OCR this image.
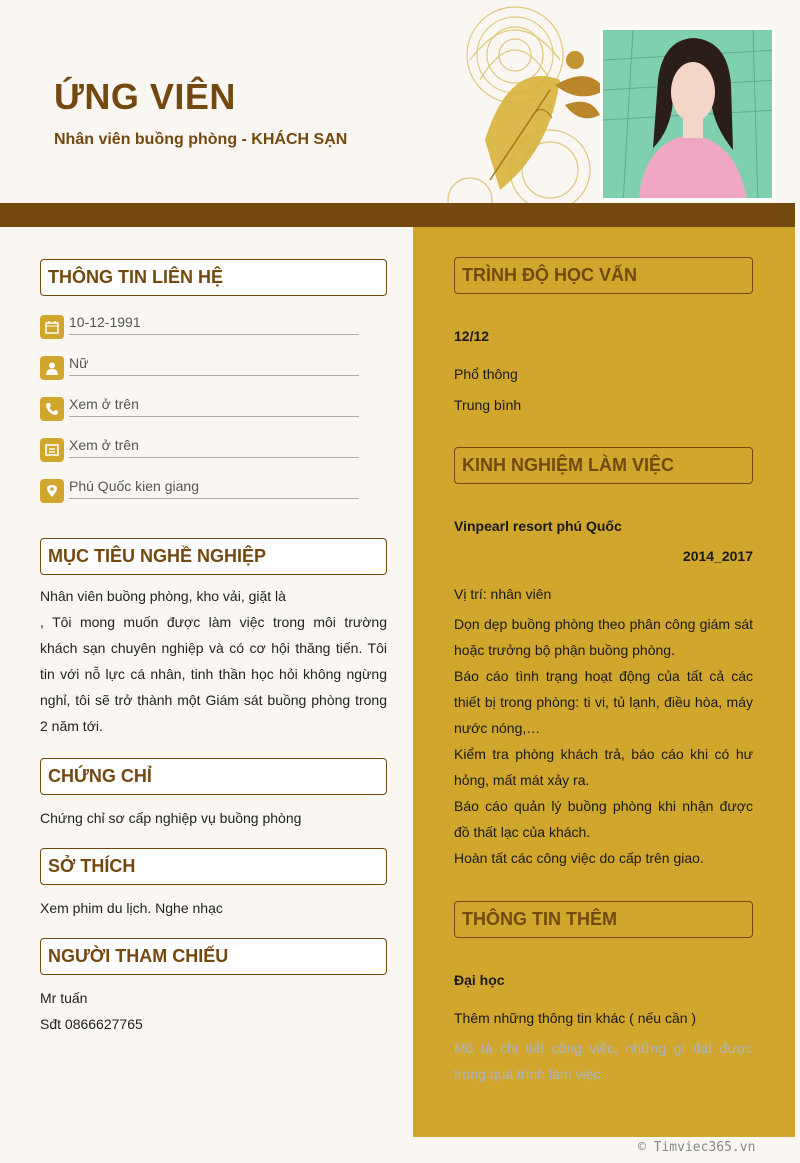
ỨNG VIÊN
Nhân viên buồng phòng - KHÁCH SẠN
THÔNG TIN LIÊN HỆ
10-12-1991
Nữ
Xem ở trên
Xem ở trên
Phú Quốc kien giang
MỤC TIÊU NGHỀ NGHIỆP
Nhân viên buồng phòng, kho vải, giặt là
, Tôi mong muốn được làm việc trong môi trường khách sạn chuyên nghiệp và có cơ hội thăng tiến. Tôi tin với nỗ lực cá nhân, tinh thần học hỏi không ngừng nghỉ, tôi sẽ trở thành một Giám sát buồng phòng trong 2 năm tới.
CHỨNG CHỈ
Chứng chỉ sơ cấp nghiệp vụ buồng phòng
SỞ THÍCH
Xem phim du lịch. Nghe nhạc
NGƯỜI THAM CHIẾU
Mr tuấn
Sđt 0866627765
TRÌNH ĐỘ HỌC VẤN
12/12
Phổ thông
Trung bình
KINH NGHIỆM LÀM VIỆC
Vinpearl resort phú Quốc
2014_2017
Vị trí: nhân viên
Dọn dẹp buồng phòng theo phân công giám sát hoặc trưởng bộ phận buồng phòng.
Báo cáo tình trạng hoạt động của tất cả các thiết bị trong phòng: ti vi, tủ lạnh, điều hòa, máy nước nóng,…
Kiểm tra phòng khách trả, báo cáo khi có hư hỏng, mất mát xảy ra.
Báo cáo quản lý buồng phòng khi nhận được đồ thất lạc của khách.
Hoàn tất các công việc do cấp trên giao.
THÔNG TIN THÊM
Đại học
Thêm những thông tin khác ( nếu cần )
Mô tả chi tiết công việc, những gì đạt được trong quá trình làm việc.
© Timviec365.vn
